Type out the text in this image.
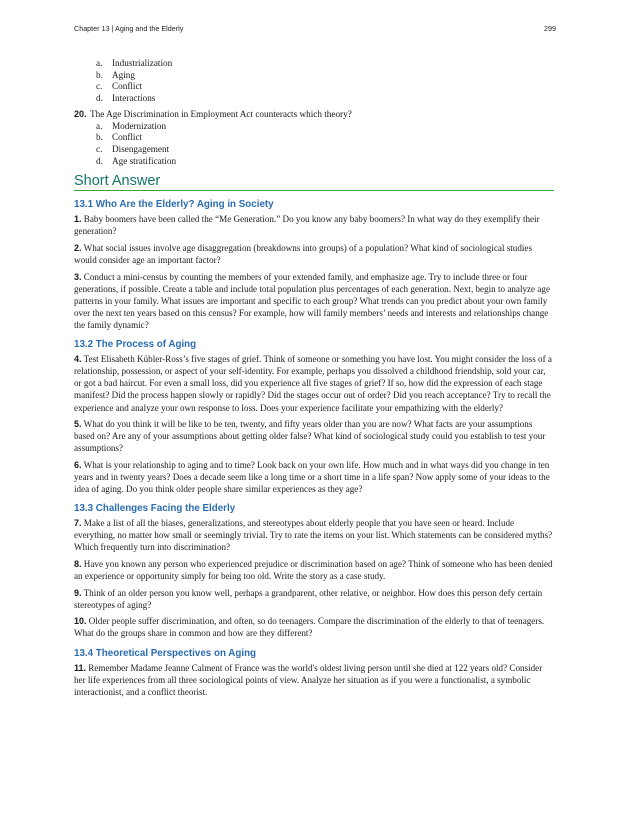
Chapter 13 | Aging and the Elderly	299
a.	Industrialization
b. Aging
c.	Conflict
d. Interactions
20. The Age Discrimination in Employment Act counteracts which theory?
a.	Modernization
b. Conflict
c.	Disengagement
d. Age stratification
Short Answer
13.1 Who Are the Elderly? Aging in Society
1. Baby boomers have been called the “Me Generation.” Do you know any baby boomers? In what way do they exemplify their generation?
2. What social issues involve age disaggregation (breakdowns into groups) of a population? What kind of sociological studies would consider age an important factor?
3. Conduct a mini-census by counting the members of your extended family, and emphasize age. Try to include three or four generations, if possible. Create a table and include total population plus percentages of each generation. Next, begin to analyze age patterns in your family. What issues are important and specific to each group? What trends can you predict about your own family over the next ten years based on this census? For example, how will family members’ needs and interests and relationships change the family dynamic?
13.2 The Process of Aging
4. Test Elisabeth Kübler-Ross’s five stages of grief. Think of someone or something you have lost. You might consider the loss of a relationship, possession, or aspect of your self-identity. For example, perhaps you dissolved a childhood friendship, sold your car, or got a bad haircut. For even a small loss, did you experience all five stages of grief? If so, how did the expression of each stage manifest? Did the process happen slowly or rapidly? Did the stages occur out of order? Did you reach acceptance? Try to recall the experience and analyze your own response to loss. Does your experience facilitate your empathizing with the elderly?
5. What do you think it will be like to be ten, twenty, and fifty years older than you are now? What facts are your assumptions based on? Are any of your assumptions about getting older false? What kind of sociological study could you establish to test your assumptions?
6. What is your relationship to aging and to time? Look back on your own life. How much and in what ways did you change in ten years and in twenty years? Does a decade seem like a long time or a short time in a life span? Now apply some of your ideas to the idea of aging. Do you think older people share similar experiences as they age?
13.3 Challenges Facing the Elderly
7. Make a list of all the biases, generalizations, and stereotypes about elderly people that you have seen or heard. Include everything, no matter how small or seemingly trivial. Try to rate the items on your list. Which statements can be considered myths? Which frequently turn into discrimination?
8. Have you known any person who experienced prejudice or discrimination based on age? Think of someone who has been denied an experience or opportunity simply for being too old. Write the story as a case study.
9. Think of an older person you know well, perhaps a grandparent, other relative, or neighbor. How does this person defy certain stereotypes of aging?
10. Older people suffer discrimination, and often, so do teenagers. Compare the discrimination of the elderly to that of teenagers. What do the groups share in common and how are they different?
13.4 Theoretical Perspectives on Aging
11. Remember Madame Jeanne Calment of France was the world's oldest living person until she died at 122 years old? Consider her life experiences from all three sociological points of view. Analyze her situation as if you were a functionalist, a symbolic interactionist, and a conflict theorist.
